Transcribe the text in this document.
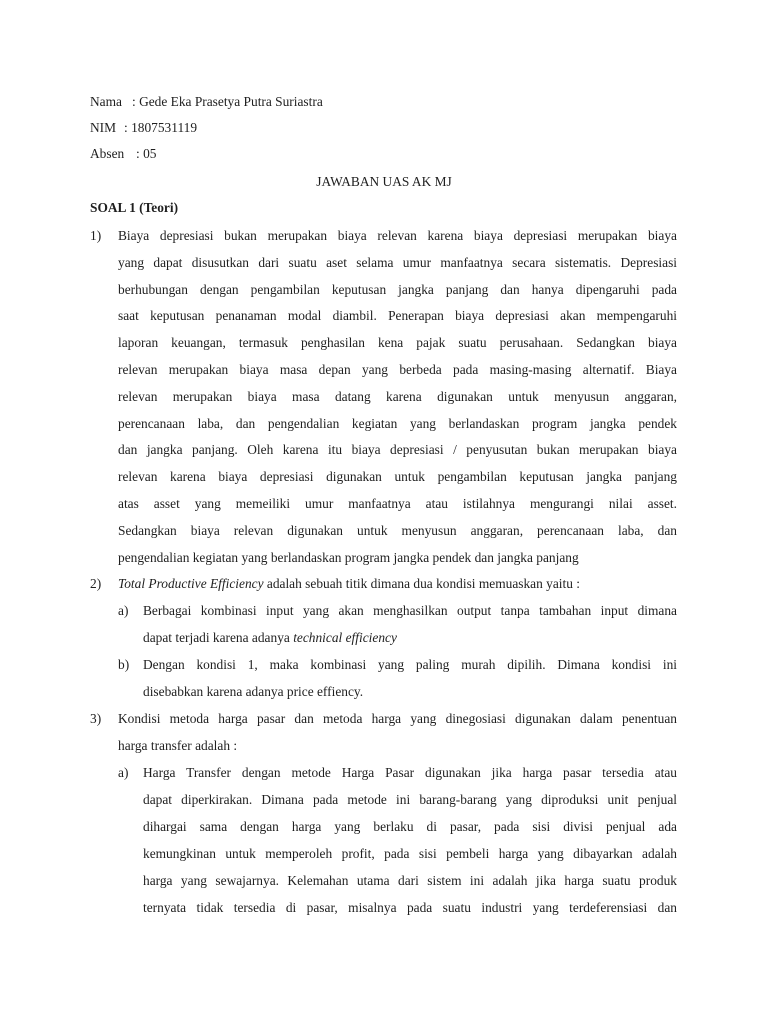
Nama : Gede Eka Prasetya Putra Suriastra
NIM : 1807531119
Absen : 05
JAWABAN UAS AK MJ
SOAL 1 (Teori)
1) Biaya depresiasi bukan merupakan biaya relevan karena biaya depresiasi merupakan biaya
yang dapat disusutkan dari suatu aset selama umur manfaatnya secara sistematis. Depresiasi
berhubungan dengan pengambilan keputusan jangka panjang dan hanya dipengaruhi pada
saat keputusan penanaman modal diambil. Penerapan biaya depresiasi akan mempengaruhi
laporan keuangan, termasuk penghasilan kena pajak suatu perusahaan. Sedangkan biaya
relevan merupakan biaya masa depan yang berbeda pada masing-masing alternatif. Biaya
relevan merupakan biaya masa datang karena digunakan untuk menyusun anggaran,
perencanaan laba, dan pengendalian kegiatan yang berlandaskan program jangka pendek
dan jangka panjang. Oleh karena itu biaya depresiasi / penyusutan bukan merupakan biaya
relevan karena biaya depresiasi digunakan untuk pengambilan keputusan jangka panjang
atas asset yang memeiliki umur manfaatnya atau istilahnya mengurangi nilai asset.
Sedangkan biaya relevan digunakan untuk menyusun anggaran, perencanaan laba, dan
pengendalian kegiatan yang berlandaskan program jangka pendek dan jangka panjang
2) Total Productive Efficiency adalah sebuah titik dimana dua kondisi memuaskan yaitu :
a) Berbagai kombinasi input yang akan menghasilkan output tanpa tambahan input dimana
dapat terjadi karena adanya technical efficiency
b) Dengan kondisi 1, maka kombinasi yang paling murah dipilih. Dimana kondisi ini
disebabkan karena adanya price effiency.
3) Kondisi metoda harga pasar dan metoda harga yang dinegosiasi digunakan dalam penentuan
harga transfer adalah :
a) Harga Transfer dengan metode Harga Pasar digunakan jika harga pasar tersedia atau
dapat diperkirakan. Dimana pada metode ini barang-barang yang diproduksi unit penjual
dihargai sama dengan harga yang berlaku di pasar, pada sisi divisi penjual ada
kemungkinan untuk memperoleh profit, pada sisi pembeli harga yang dibayarkan adalah
harga yang sewajarnya. Kelemahan utama dari sistem ini adalah jika harga suatu produk
ternyata tidak tersedia di pasar, misalnya pada suatu industri yang terdeferensiasi dan
